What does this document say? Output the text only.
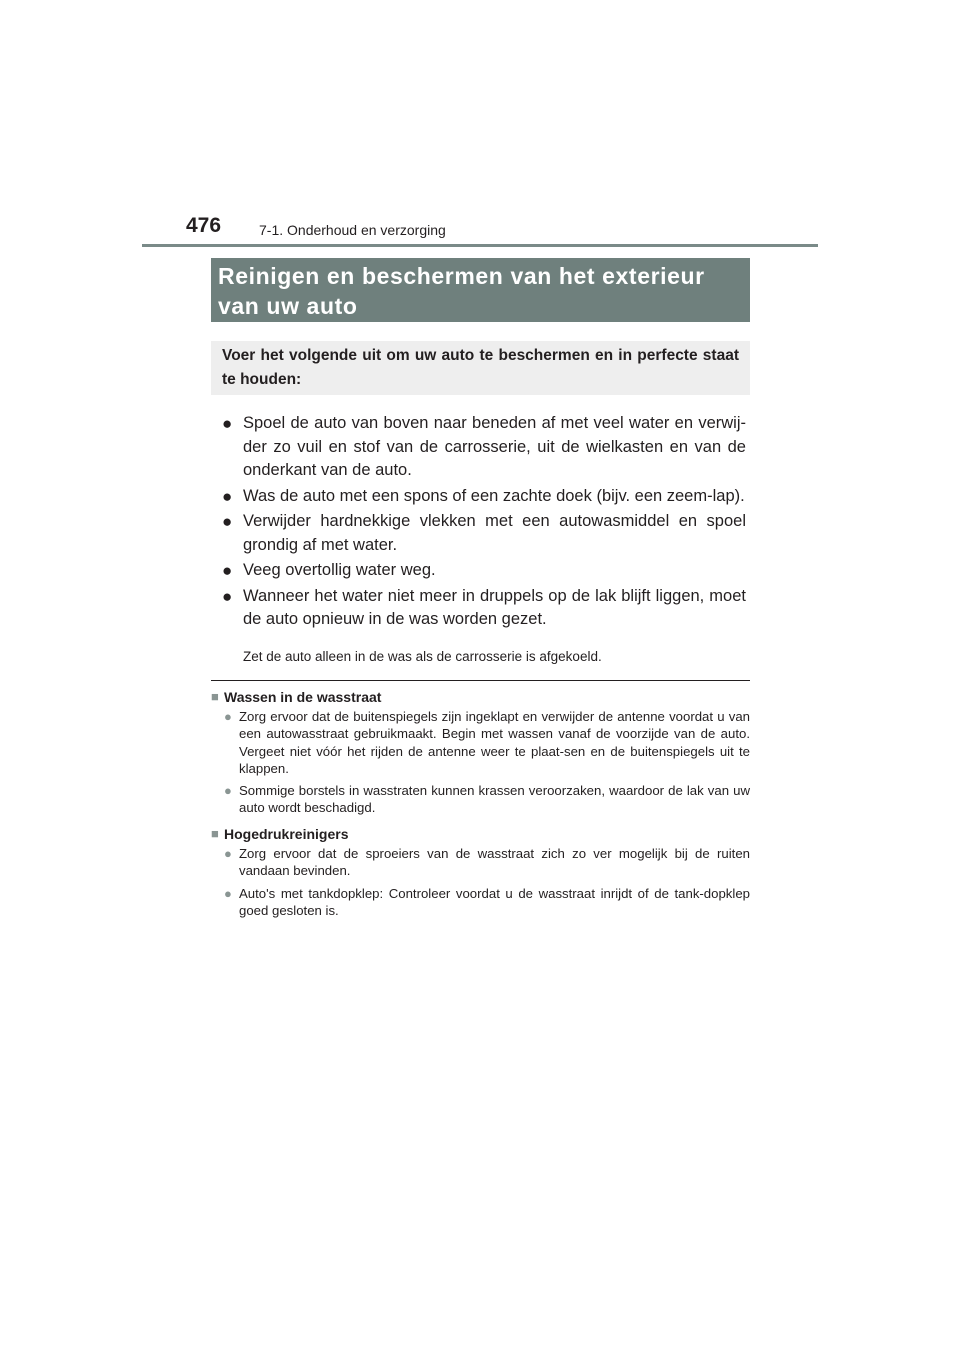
476	7-1. Onderhoud en verzorging
Reinigen en beschermen van het exterieur
van uw auto
Voer het volgende uit om uw auto te beschermen en in perfecte staat te houden:
● Spoel de auto van boven naar beneden af met veel water en verwij-der zo vuil en stof van de carrosserie, uit de wielkasten en van de onderkant van de auto.
● Was de auto met een spons of een zachte doek (bijv. een zeem-lap).
● Verwijder hardnekkige vlekken met een autowasmiddel en spoel grondig af met water.
● Veeg overtollig water weg.
● Wanneer het water niet meer in druppels op de lak blijft liggen, moet de auto opnieuw in de was worden gezet.
Zet de auto alleen in de was als de carrosserie is afgekoeld.
■ Wassen in de wasstraat
● Zorg ervoor dat de buitenspiegels zijn ingeklapt en verwijder de antenne voordat u van een autowasstraat gebruikmaakt. Begin met wassen vanaf de voorzijde van de auto. Vergeet niet vóór het rijden de antenne weer te plaat-sen en de buitenspiegels uit te klappen.
● Sommige borstels in wasstraten kunnen krassen veroorzaken, waardoor de lak van uw auto wordt beschadigd.
■ Hogedrukreinigers
● Zorg ervoor dat de sproeiers van de wasstraat zich zo ver mogelijk bij de ruiten vandaan bevinden.
● Auto's met tankdopklep: Controleer voordat u de wasstraat inrijdt of de tank-dopklep goed gesloten is.
